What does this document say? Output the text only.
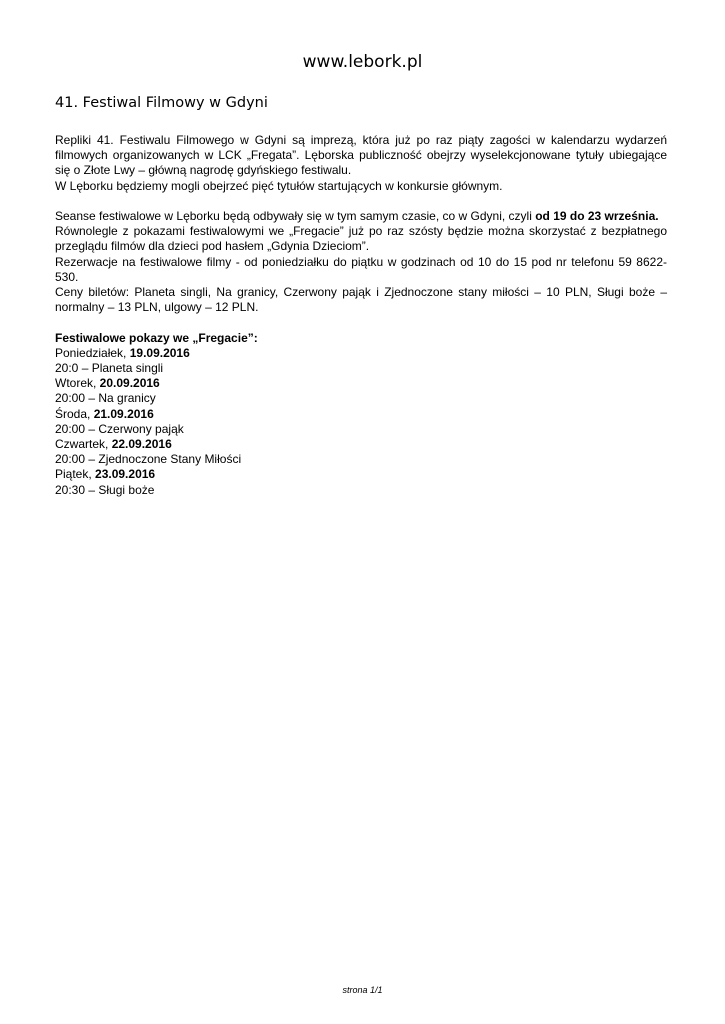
www.lebork.pl
41. Festiwal Filmowy w Gdyni

Repliki 41. Festiwalu Filmowego w Gdyni są imprezą, która już po raz piąty zagości w kalendarzu wydarzeń filmowych organizowanych w LCK „Fregata”. Lęborska publiczność obejrzy wyselekcjonowane tytuły ubiegające się o Złote Lwy – główną nagrodę gdyńskiego festiwalu.

W Lęborku będziemy mogli obejrzeć pięć tytułów startujących w konkursie głównym.

Seanse festiwalowe w Lęborku będą odbywały się w tym samym czasie, co w Gdyni, czyli od 19 do 23 września.

Równolegle z pokazami festiwalowymi we „Fregacie” już po raz szósty będzie można skorzystać z bezpłatnego przeglądu filmów dla dzieci pod hasłem „Gdynia Dzieciom”.

Rezerwacje na festiwalowe filmy - od poniedziałku do piątku w godzinach od 10 do 15 pod nr telefonu 59 8622-530.

Ceny biletów: Planeta singli, Na granicy, Czerwony pająk i Zjednoczone stany miłości – 10 PLN, Sługi boże – normalny – 13 PLN, ulgowy – 12 PLN.

Festiwalowe pokazy we „Fregacie”:

Poniedziałek, 19.09.2016

20:0 – Planeta singli

Wtorek, 20.09.2016

20:00 – Na granicy

Środa, 21.09.2016

20:00 – Czerwony pająk

Czwartek, 22.09.2016

20:00 – Zjednoczone Stany Miłości

Piątek, 23.09.2016

20:30 – Sługi boże

strona 1/1
